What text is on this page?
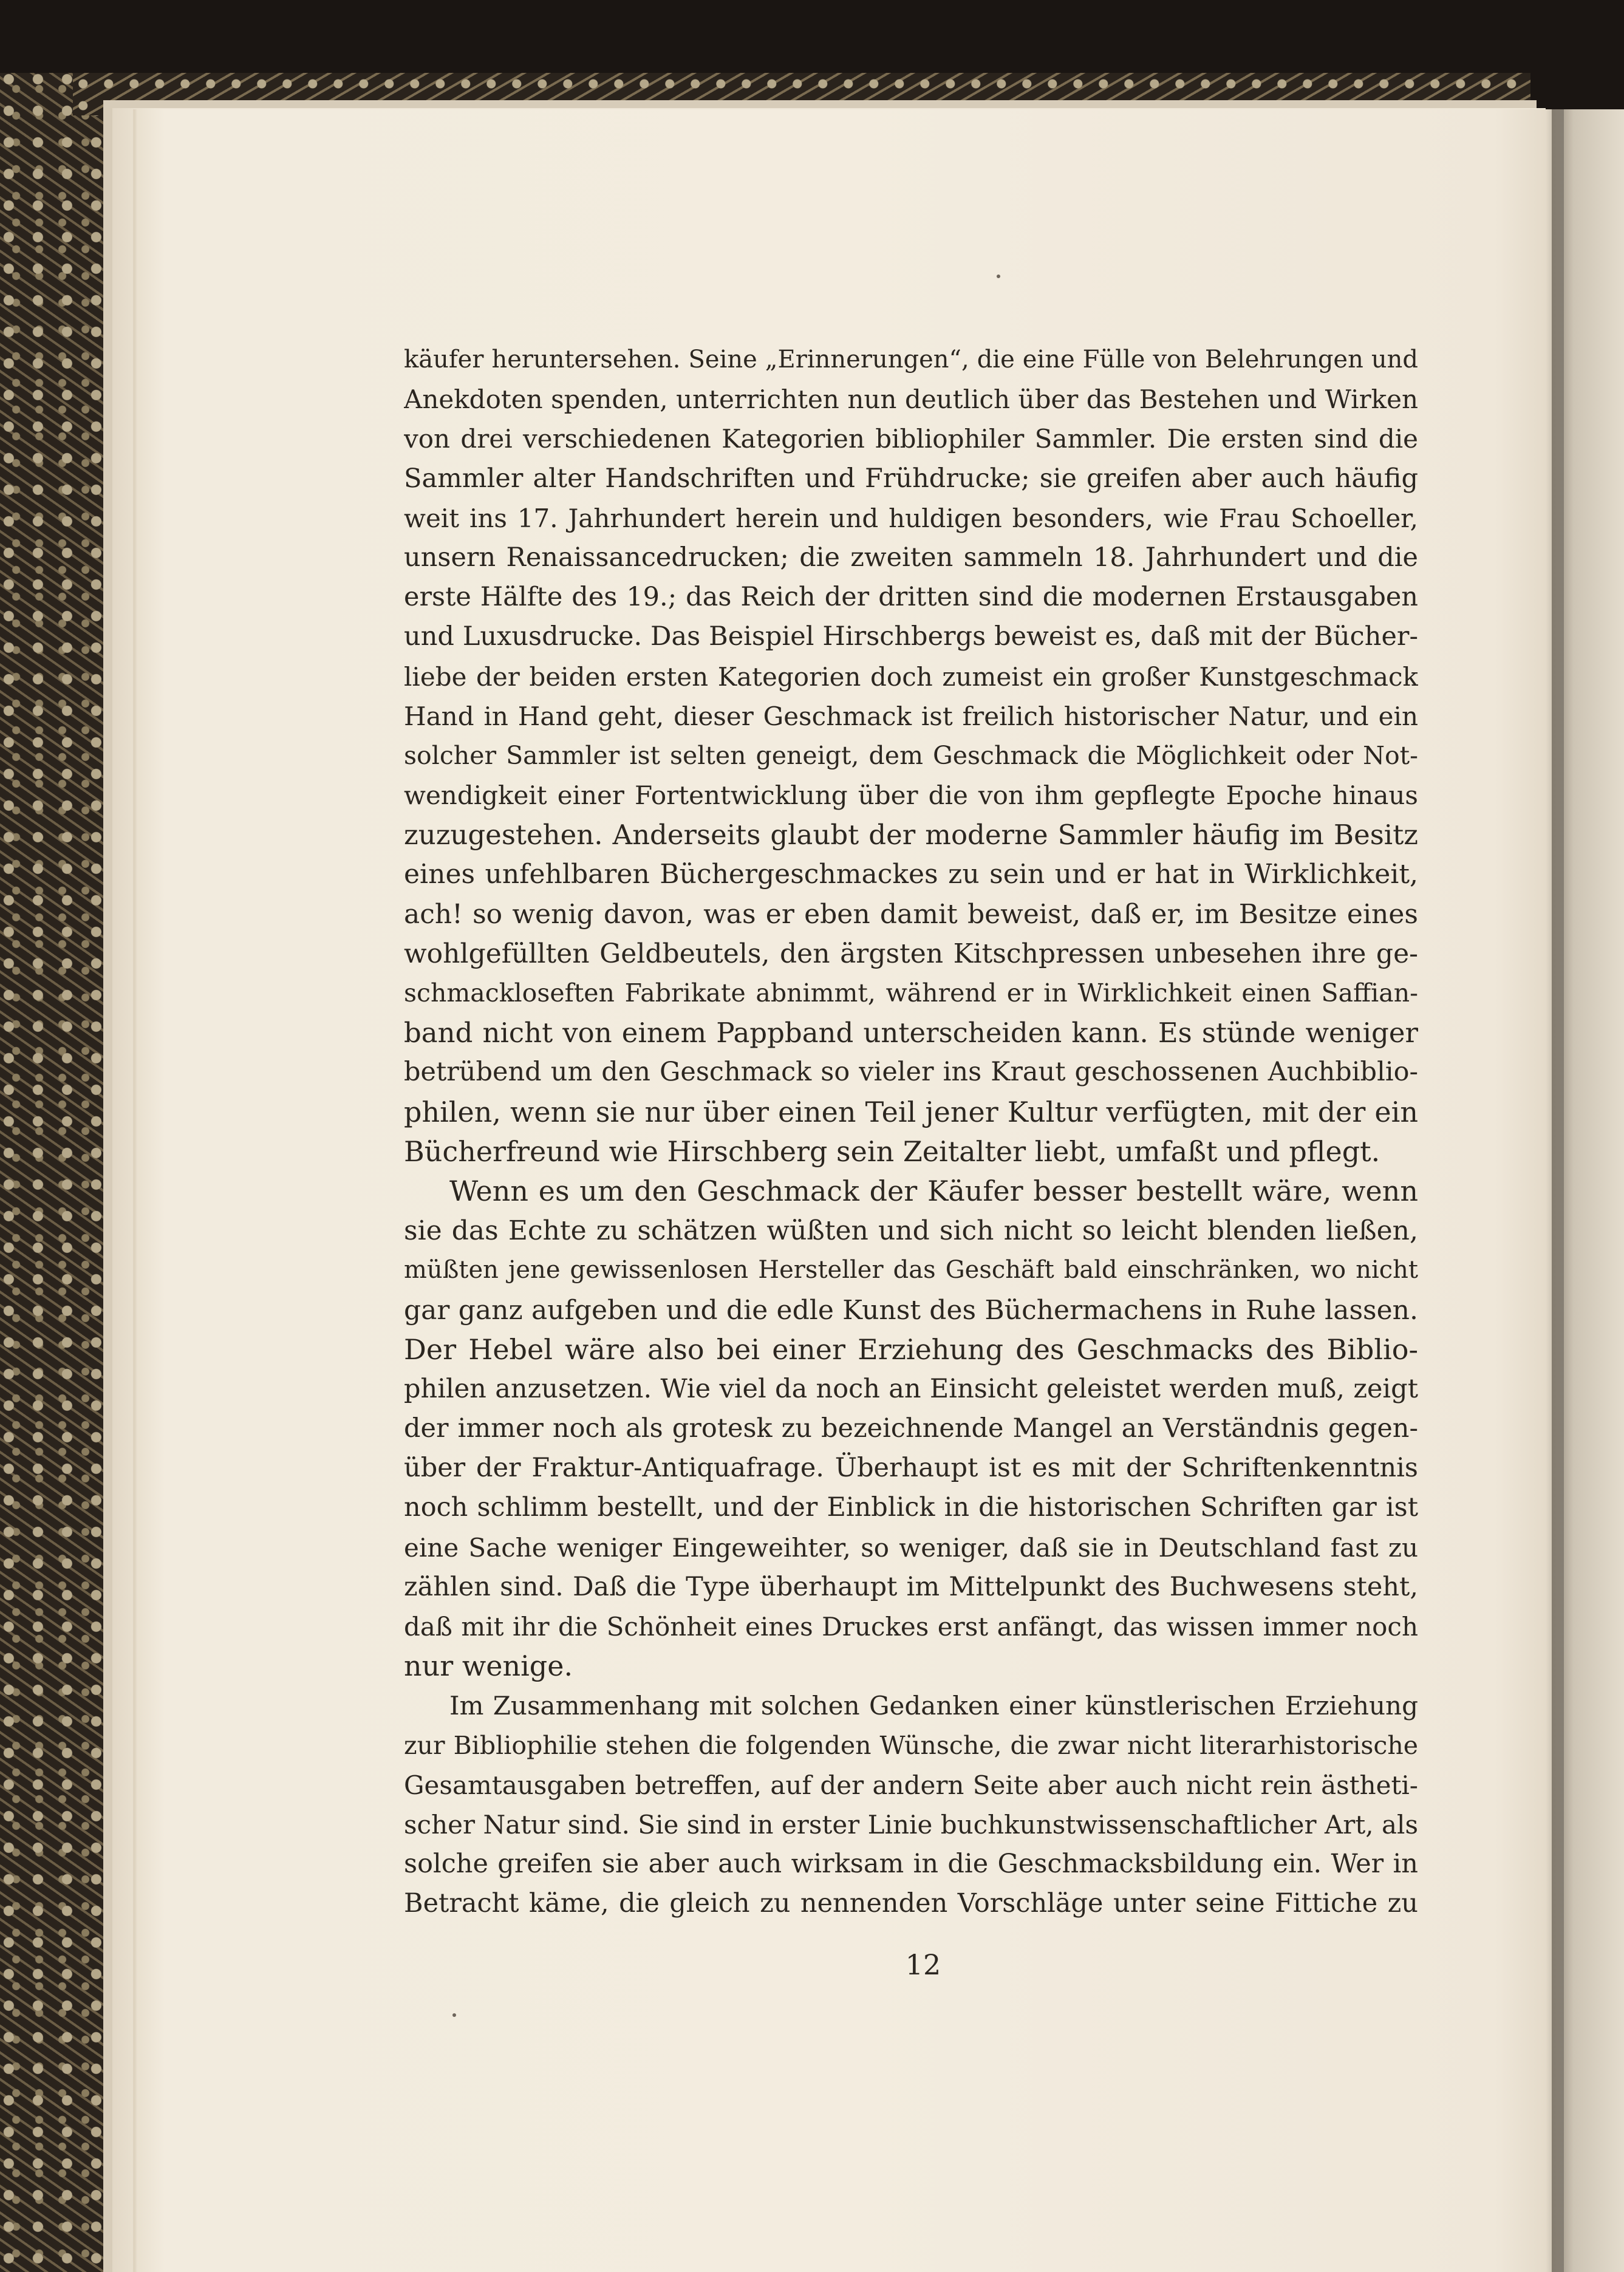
käufer heruntersehen. Seine „Erinnerungen“, die eine Fülle von Belehrungen und
Anekdoten spenden, unterrichten nun deutlich über das Bestehen und Wirken
von drei verschiedenen Kategorien bibliophiler Sammler. Die ersten sind die
Sammler alter Handschriften und Frühdrucke; sie greifen aber auch häufig
weit ins 17. Jahrhundert herein und huldigen besonders, wie Frau Schoeller,
unsern Renaissancedrucken; die zweiten sammeln 18. Jahrhundert und die
erste Hälfte des 19.; das Reich der dritten sind die modernen Erstausgaben
und Luxusdrucke. Das Beispiel Hirschbergs beweist es, daß mit der Bücher-
liebe der beiden ersten Kategorien doch zumeist ein großer Kunstgeschmack
Hand in Hand geht, dieser Geschmack ist freilich historischer Natur, und ein
solcher Sammler ist selten geneigt, dem Geschmack die Möglichkeit oder Not-
wendigkeit einer Fortentwicklung über die von ihm gepflegte Epoche hinaus
zuzugestehen. Anderseits glaubt der moderne Sammler häufig im Besitz
eines unfehlbaren Büchergeschmackes zu sein und er hat in Wirklichkeit,
ach! so wenig davon, was er eben damit beweist, daß er, im Besitze eines
wohlgefüllten Geldbeutels, den ärgsten Kitschpressen unbesehen ihre ge-
schmackloseften Fabrikate abnimmt, während er in Wirklichkeit einen Saffian-
band nicht von einem Pappband unterscheiden kann. Es stünde weniger
betrübend um den Geschmack so vieler ins Kraut geschossenen Auchbiblio-
philen, wenn sie nur über einen Teil jener Kultur verfügten, mit der ein
Bücherfreund wie Hirschberg sein Zeitalter liebt, umfaßt und pflegt.
Wenn es um den Geschmack der Käufer besser bestellt wäre, wenn
sie das Echte zu schätzen wüßten und sich nicht so leicht blenden ließen,
müßten jene gewissenlosen Hersteller das Geschäft bald einschränken, wo nicht
gar ganz aufgeben und die edle Kunst des Büchermachens in Ruhe lassen.
Der Hebel wäre also bei einer Erziehung des Geschmacks des Biblio-
philen anzusetzen. Wie viel da noch an Einsicht geleistet werden muß, zeigt
der immer noch als grotesk zu bezeichnende Mangel an Verständnis gegen-
über der Fraktur-Antiquafrage. Überhaupt ist es mit der Schriftenkenntnis
noch schlimm bestellt, und der Einblick in die historischen Schriften gar ist
eine Sache weniger Eingeweihter, so weniger, daß sie in Deutschland fast zu
zählen sind. Daß die Type überhaupt im Mittelpunkt des Buchwesens steht,
daß mit ihr die Schönheit eines Druckes erst anfängt, das wissen immer noch
nur wenige.
Im Zusammenhang mit solchen Gedanken einer künstlerischen Erziehung
zur Bibliophilie stehen die folgenden Wünsche, die zwar nicht literarhistorische
Gesamtausgaben betreffen, auf der andern Seite aber auch nicht rein ästheti-
scher Natur sind. Sie sind in erster Linie buchkunstwissenschaftlicher Art, als
solche greifen sie aber auch wirksam in die Geschmacksbildung ein. Wer in
Betracht käme, die gleich zu nennenden Vorschläge unter seine Fittiche zu
12
